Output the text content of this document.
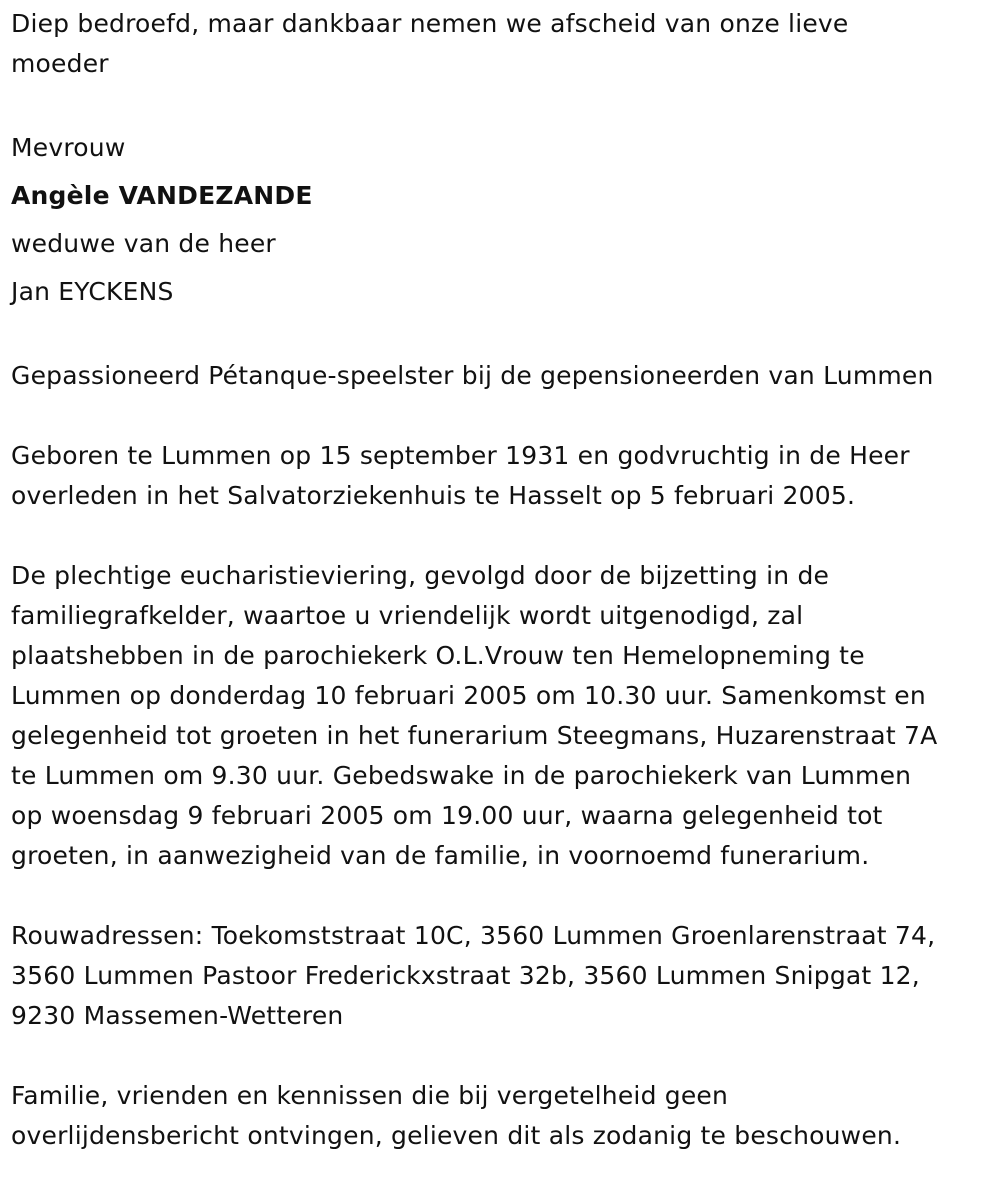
Diep bedroefd, maar dankbaar nemen we afscheid van onze lieve
moeder
Mevrouw
Angèle VANDEZANDE
weduwe van de heer
Jan EYCKENS
Gepassioneerd Pétanque-speelster bij de gepensioneerden van Lummen
Geboren te Lummen op 15 september 1931 en godvruchtig in de Heer
overleden in het Salvatorziekenhuis te Hasselt op 5 februari 2005.
De plechtige eucharistieviering, gevolgd door de bijzetting in de
familiegrafkelder, waartoe u vriendelijk wordt uitgenodigd, zal
plaatshebben in de parochiekerk O.L.Vrouw ten Hemelopneming te
Lummen op donderdag 10 februari 2005 om 10.30 uur. Samenkomst en
gelegenheid tot groeten in het funerarium Steegmans, Huzarenstraat 7A
te Lummen om 9.30 uur. Gebedswake in de parochiekerk van Lummen
op woensdag 9 februari 2005 om 19.00 uur, waarna gelegenheid tot
groeten, in aanwezigheid van de familie, in voornoemd funerarium.
Rouwadressen: Toekomststraat 10C, 3560 Lummen Groenlarenstraat 74,
3560 Lummen Pastoor Frederickxstraat 32b, 3560 Lummen Snipgat 12,
9230 Massemen-Wetteren
Familie, vrienden en kennissen die bij vergetelheid geen
overlijdensbericht ontvingen, gelieven dit als zodanig te beschouwen.
